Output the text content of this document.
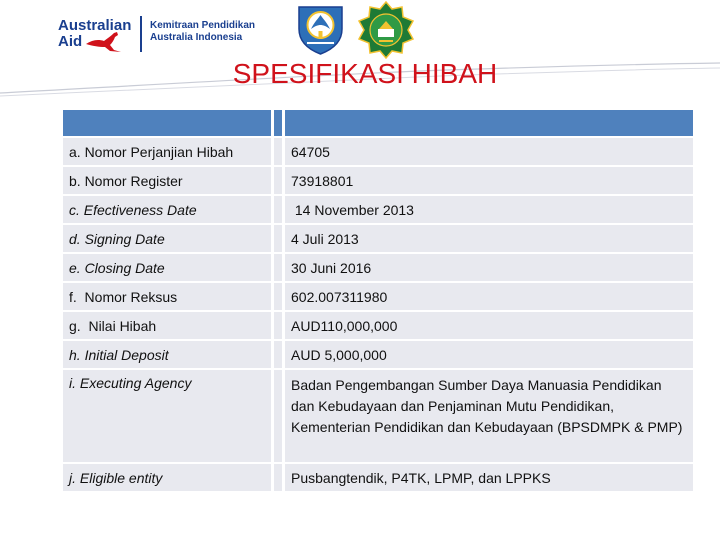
Australian
Aid
Kemitraan Pendidikan
Australia Indonesia
SPESIFIKASI HIBAH

a. Nomor Perjanjian Hibah		64705
b. Nomor Register		73918801
c. Efectiveness Date		14 November 2013
d. Signing Date		4 Juli 2013
e. Closing Date		30 Juni 2016
f.  Nomor Reksus		602.007311980
g.  Nilai Hibah		AUD110,000,000
h. Initial Deposit		AUD 5,000,000
i. Executing Agency		Badan Pengembangan Sumber Daya Manuasia Pendidikan dan Kebudayaan dan Penjaminan Mutu Pendidikan, Kementerian Pendidikan dan Kebudayaan (BPSDMPK & PMP)
j. Eligible entity		Pusbangtendik, P4TK, LPMP, dan LPPKS
